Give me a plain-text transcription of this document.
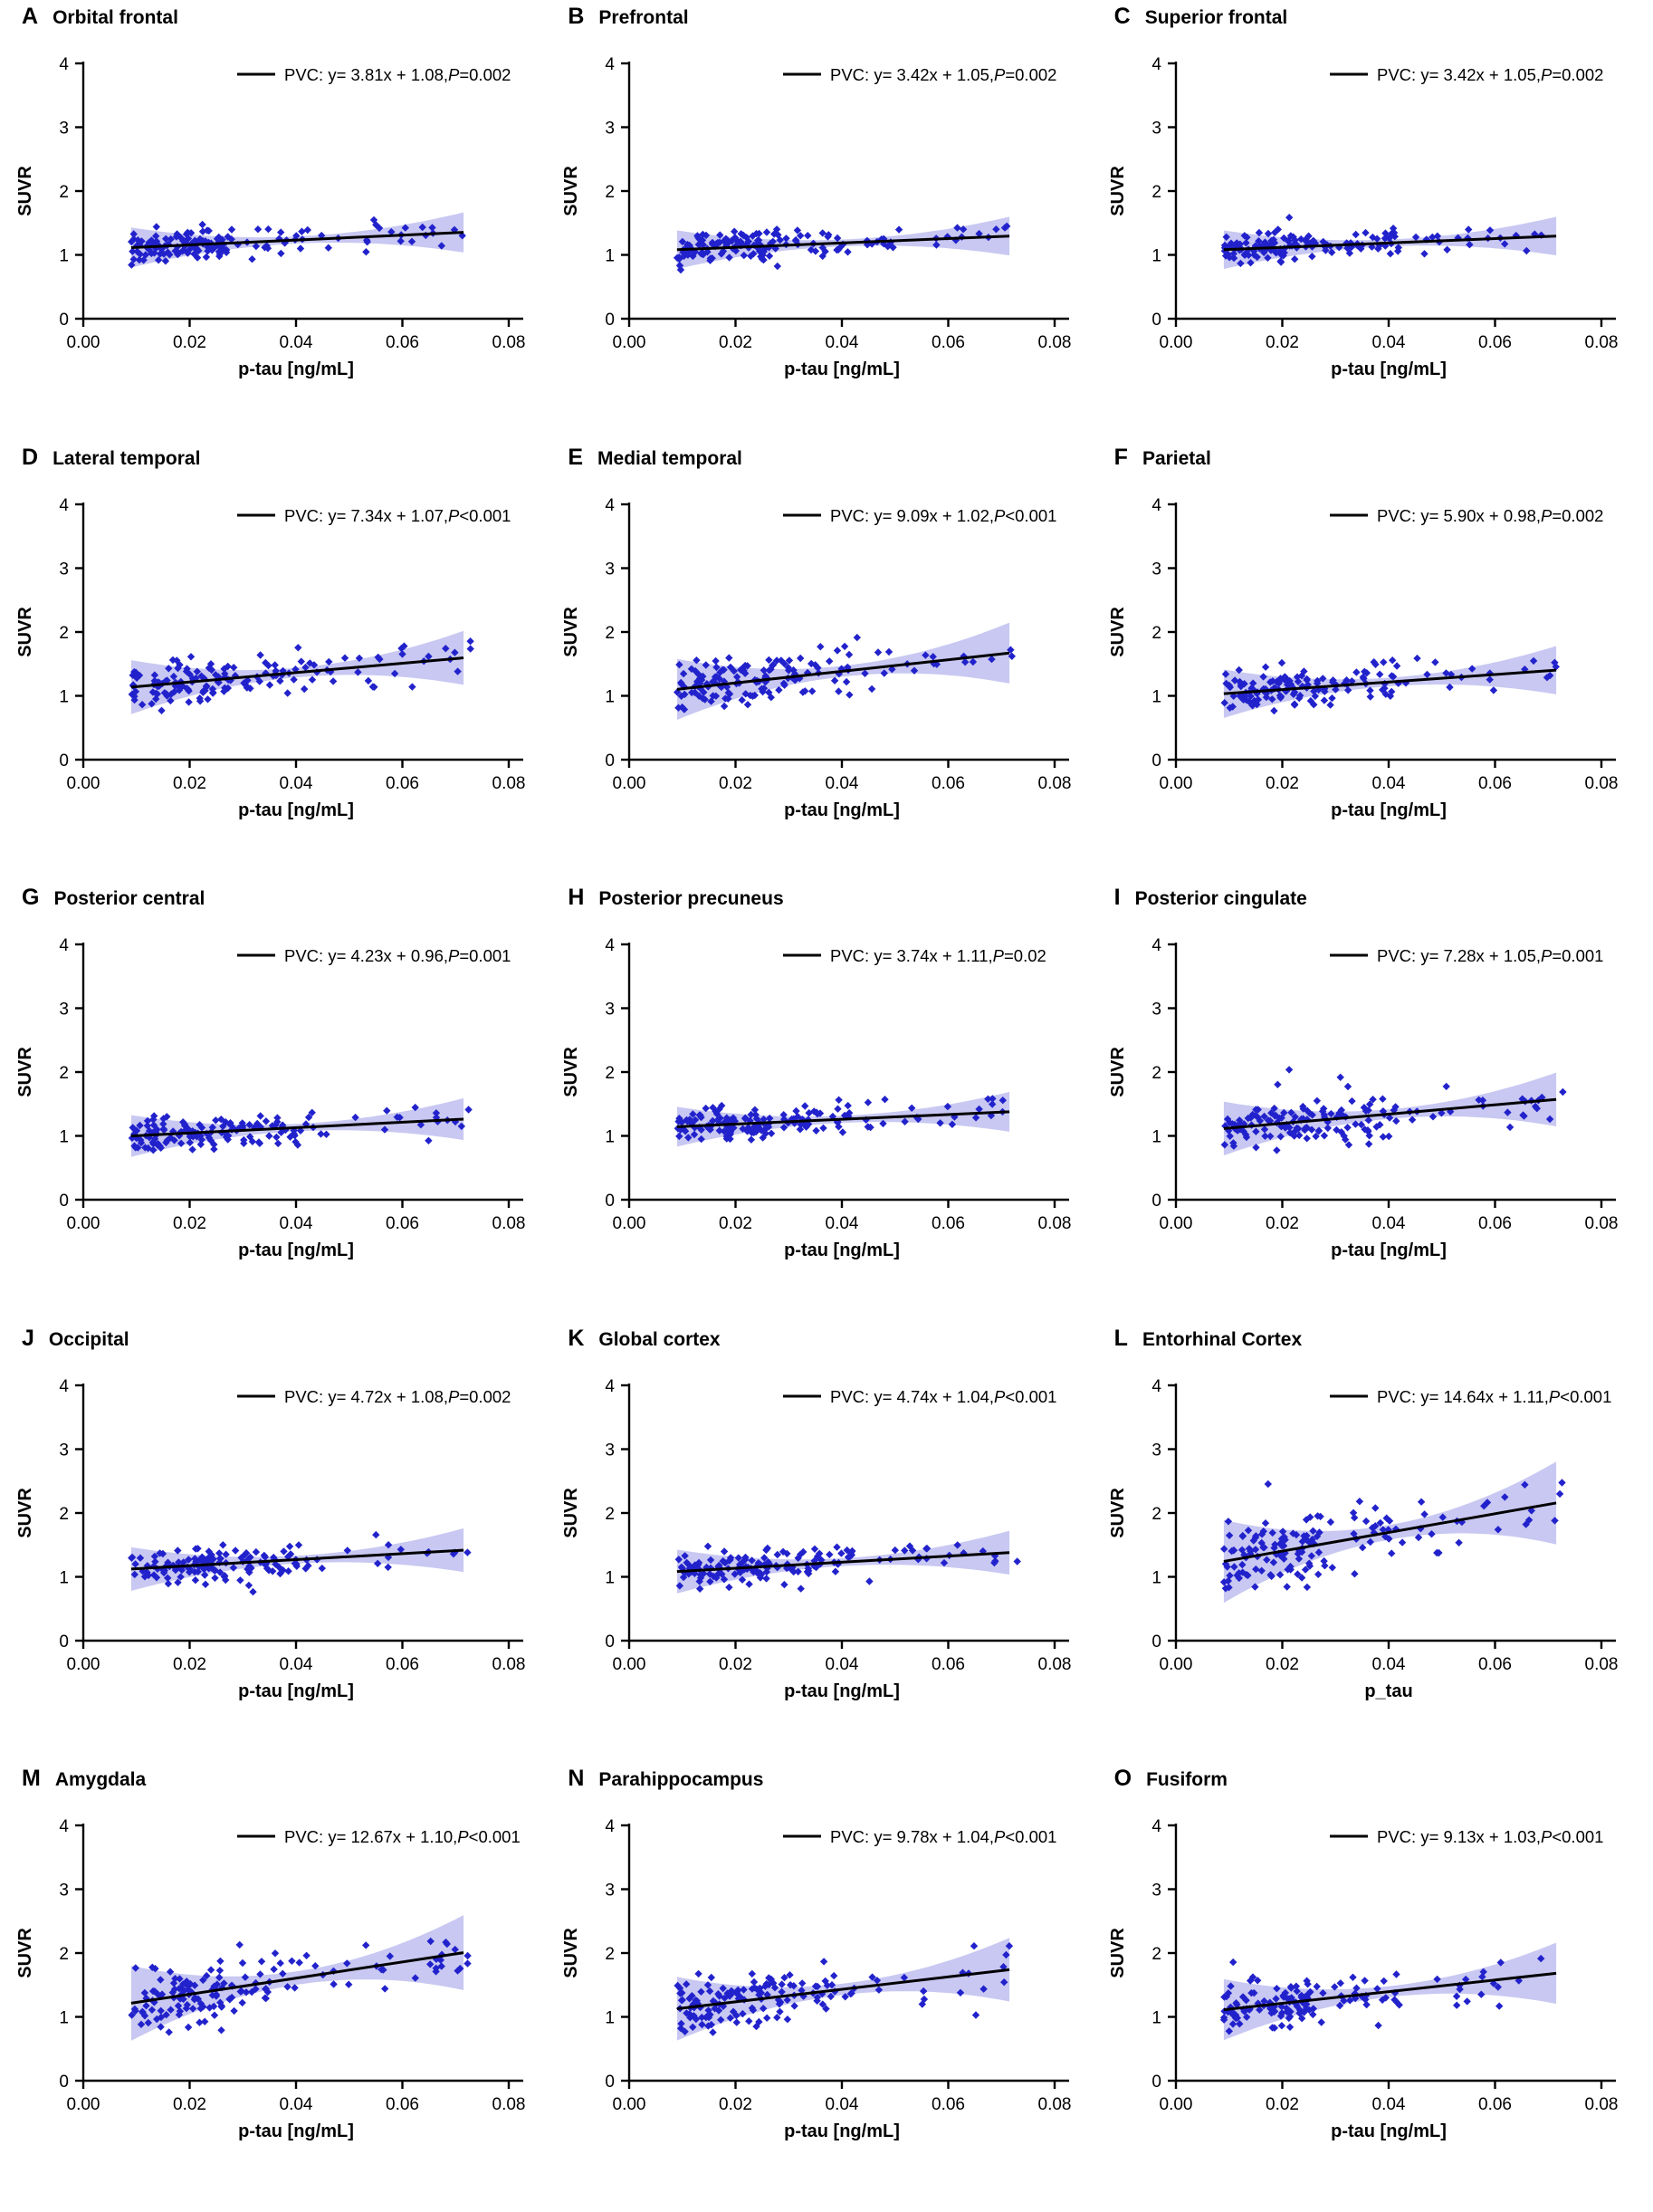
A Orbital frontal
0.00	0.02	0.04	0.06	0.08
0
1
2
3
4
p-tau [ng/mL]
SUVR
PVC: y= 3.81x + 1.08,P=0.002
B Prefrontal
0.00	0.02	0.04	0.06	0.08
0
1
2
3
4
p-tau [ng/mL]
SUVR
PVC: y= 3.42x + 1.05,P=0.002
C Superior frontal
0.00	0.02	0.04	0.06	0.08
0
1
2
3
4
p-tau [ng/mL]
SUVR
PVC: y= 3.42x + 1.05,P=0.002
D Lateral temporal
0.00	0.02	0.04	0.06	0.08
0
1
2
3
4
p-tau [ng/mL]
SUVR
PVC: y= 7.34x + 1.07,P<0.001
E Medial temporal
0.00	0.02	0.04	0.06	0.08
0
1
2
3
4
p-tau [ng/mL]
SUVR
PVC: y= 9.09x + 1.02,P<0.001
F Parietal
0.00	0.02	0.04	0.06	0.08
0
1
2
3
4
p-tau [ng/mL]
SUVR
PVC: y= 5.90x + 0.98,P=0.002
G Posterior central
0.00	0.02	0.04	0.06	0.08
0
1
2
3
4
p-tau [ng/mL]
SUVR
PVC: y= 4.23x + 0.96,P=0.001
H Posterior precuneus
0.00	0.02	0.04	0.06	0.08
0
1
2
3
4
p-tau [ng/mL]
SUVR
PVC: y= 3.74x + 1.11,P=0.02
I Posterior cingulate
0.00	0.02	0.04	0.06	0.08
0
1
2
3
4
p-tau [ng/mL]
SUVR
PVC: y= 7.28x + 1.05,P=0.001
J Occipital
0.00	0.02	0.04	0.06	0.08
0
1
2
3
4
p-tau [ng/mL]
SUVR
PVC: y= 4.72x + 1.08,P=0.002
K Global cortex
0.00	0.02	0.04	0.06	0.08
0
1
2
3
4
p-tau [ng/mL]
SUVR
PVC: y= 4.74x + 1.04,P<0.001
L Entorhinal Cortex
0.00	0.02	0.04	0.06	0.08
0
1
2
3
4
p_tau
SUVR
PVC: y= 14.64x + 1.11,P<0.001
M Amygdala
0.00	0.02	0.04	0.06	0.08
0
1
2
3
4
p-tau [ng/mL]
SUVR
PVC: y= 12.67x + 1.10,P<0.001
N Parahippocampus
0.00	0.02	0.04	0.06	0.08
0
1
2
3
4
p-tau [ng/mL]
SUVR
PVC: y= 9.78x + 1.04,P<0.001
O Fusiform
0.00	0.02	0.04	0.06	0.08
0
1
2
3
4
p-tau [ng/mL]
SUVR
PVC: y= 9.13x + 1.03,P<0.001
